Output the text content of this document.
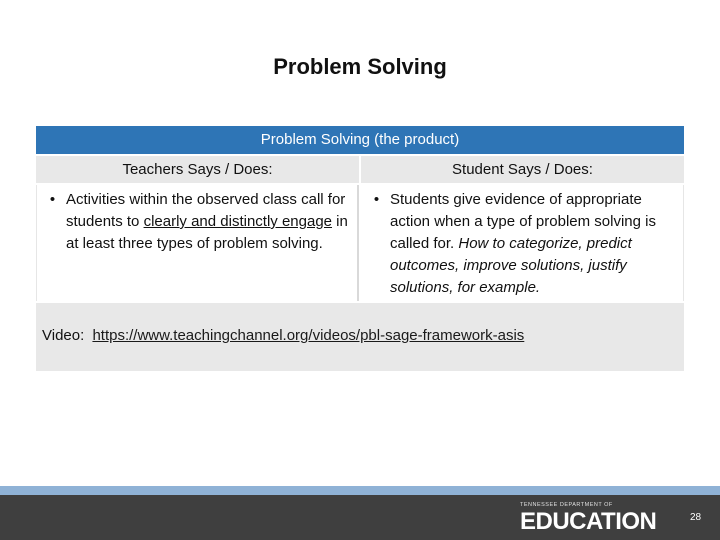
Problem Solving
Problem Solving (the product)
Teachers Says / Does:	Student Says / Does:
• Activities within the observed class call for students to clearly and distinctly engage in at least three types of problem solving.
• Students give evidence of appropriate action when a type of problem solving is called for. How to categorize, predict outcomes, improve solutions, justify solutions, for example.
Video: https://www.teachingchannel.org/videos/pbl-sage-framework-asis
TENNESSEE DEPARTMENT OF
EDUCATION	28
